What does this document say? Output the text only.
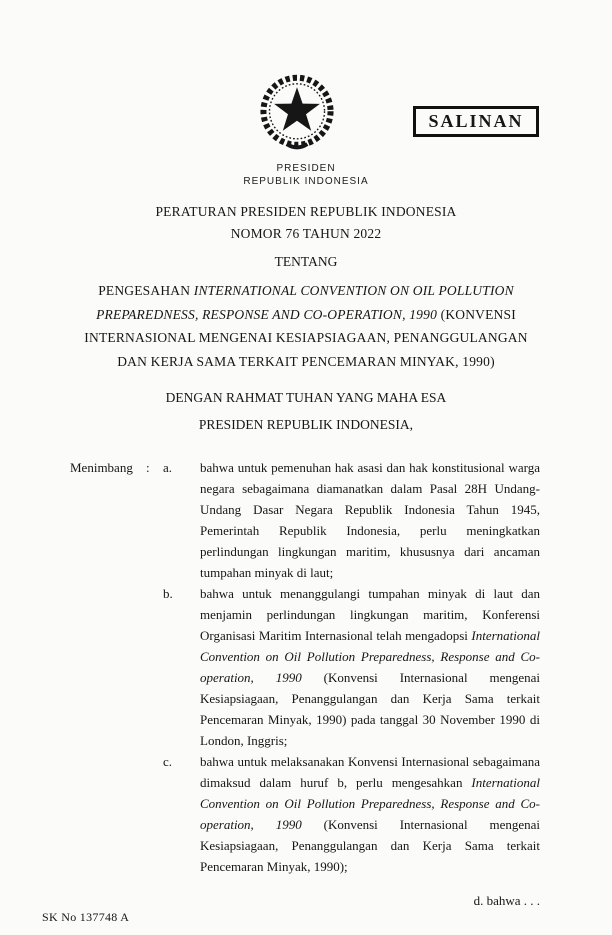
SALINAN
PRESIDEN
REPUBLIK INDONESIA
PERATURAN PRESIDEN REPUBLIK INDONESIA
NOMOR 76 TAHUN 2022
TENTANG
PENGESAHAN INTERNATIONAL CONVENTION ON OIL POLLUTION PREPAREDNESS, RESPONSE AND CO-OPERATION, 1990 (KONVENSI INTERNASIONAL MENGENAI KESIAPSIAGAAN, PENANGGULANGAN DAN KERJA SAMA TERKAIT PENCEMARAN MINYAK, 1990)
DENGAN RAHMAT TUHAN YANG MAHA ESA
PRESIDEN REPUBLIK INDONESIA,
Menimbang	:	a.	bahwa untuk pemenuhan hak asasi dan hak konstitusional warga negara sebagaimana diamanatkan dalam Pasal 28H Undang-Undang Dasar Negara Republik Indonesia Tahun 1945, Pemerintah Republik Indonesia, perlu meningkatkan perlindungan lingkungan maritim, khususnya dari ancaman tumpahan minyak di laut;
b.	bahwa untuk menanggulangi tumpahan minyak di laut dan menjamin perlindungan lingkungan maritim, Konferensi Organisasi Maritim Internasional telah mengadopsi International Convention on Oil Pollution Preparedness, Response and Co-operation, 1990 (Konvensi Internasional mengenai Kesiapsiagaan, Penanggulangan dan Kerja Sama terkait Pencemaran Minyak, 1990) pada tanggal 30 November 1990 di London, Inggris;
c.	bahwa untuk melaksanakan Konvensi Internasional sebagaimana dimaksud dalam huruf b, perlu mengesahkan International Convention on Oil Pollution Preparedness, Response and Co-operation, 1990 (Konvensi Internasional mengenai Kesiapsiagaan, Penanggulangan dan Kerja Sama terkait Pencemaran Minyak, 1990);
d. bahwa . . .
SK No 137748 A
